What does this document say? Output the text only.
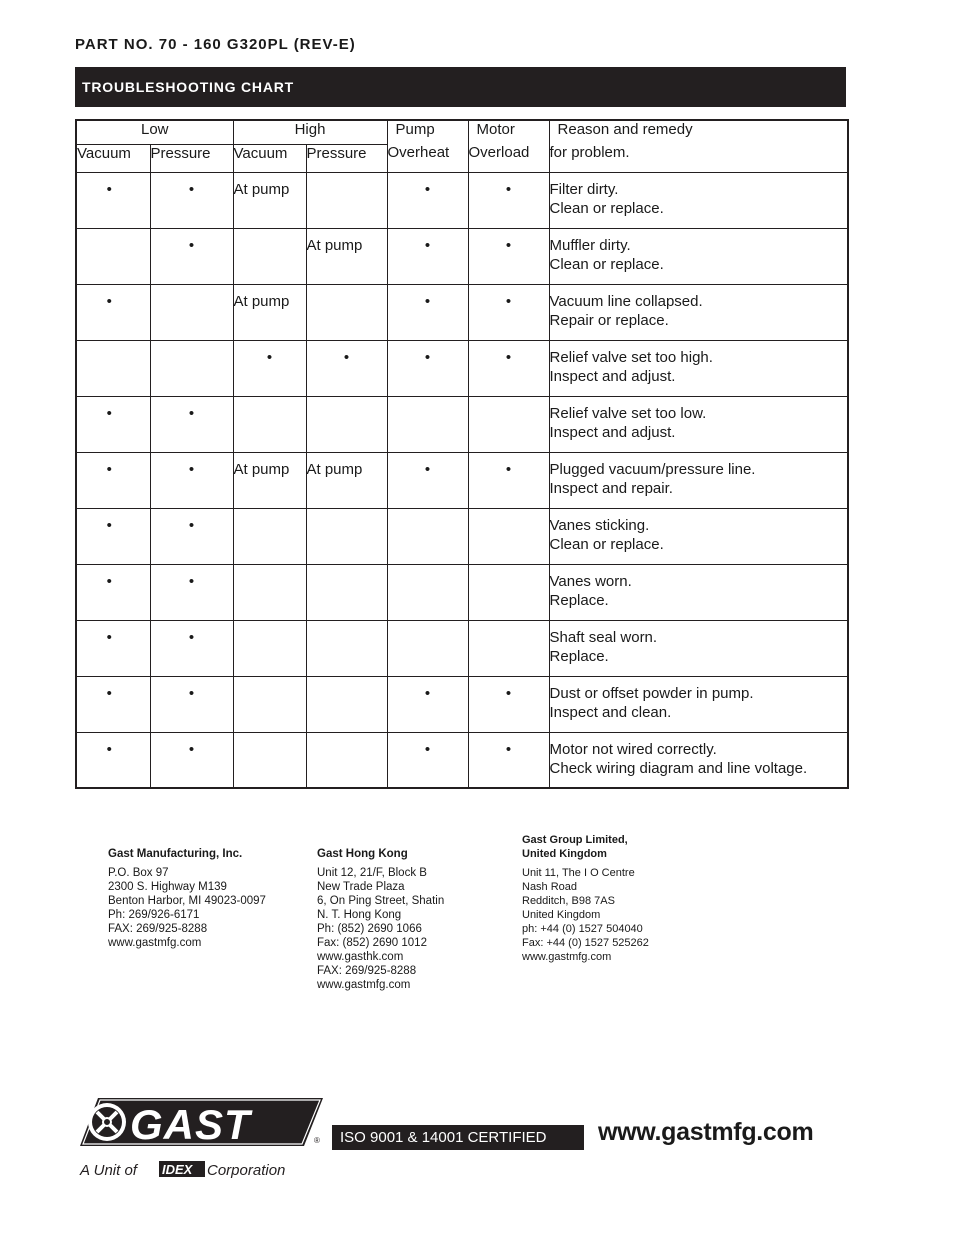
PART NO. 70 - 160 G320PL (REV-E)
TROUBLESHOOTING CHART
Low		High		Pump	Motor	Reason and remedy
Vacuum	Pressure	Vacuum	Pressure	Overheat	Overload	for problem.
•	•	At pump		•	•	Filter dirty.
Clean or replace.

	•		At pump	•	•	Muffler dirty.
Clean or replace.

•		At pump		•	•	Vacuum line collapsed.
Repair or replace.

		•	•	•	•	Relief valve set too high.
Inspect and adjust.

•	•					Relief valve set too low.
Inspect and adjust.

•	•	At pump	At pump	•	•	Plugged vacuum/pressure line.
Inspect and repair.

•	•					Vanes sticking.
Clean or replace.

•	•					Vanes worn.
Replace.

•	•					Shaft seal worn.
Replace.

•	•			•	•	Dust or offset powder in pump.
Inspect and clean.

•	•			•	•	Motor not wired correctly.
Check wiring diagram and line voltage.
Gast Manufacturing, Inc.
P.O. Box 97
2300 S. Highway M139
Benton Harbor, MI 49023-0097
Ph: 269/926-6171
FAX: 269/925-8288
www.gastmfg.com
Gast Hong Kong
Unit 12, 21/F, Block B
New Trade Plaza
6, On Ping Street, Shatin
N. T. Hong Kong
Ph: (852) 2690 1066
Fax: (852) 2690 1012
www.gasthk.com
FAX: 269/925-8288
www.gastmfg.com
Gast Group Limited,
United Kingdom
Unit 11, The I O Centre
Nash Road
Redditch, B98 7AS
United Kingdom
ph: +44 (0) 1527 504040
Fax: +44 (0) 1527 525262
www.gastmfg.com
GAST	®
A Unit of IDEX Corporation
ISO 9001 & 14001 CERTIFIED	www.gastmfg.com
